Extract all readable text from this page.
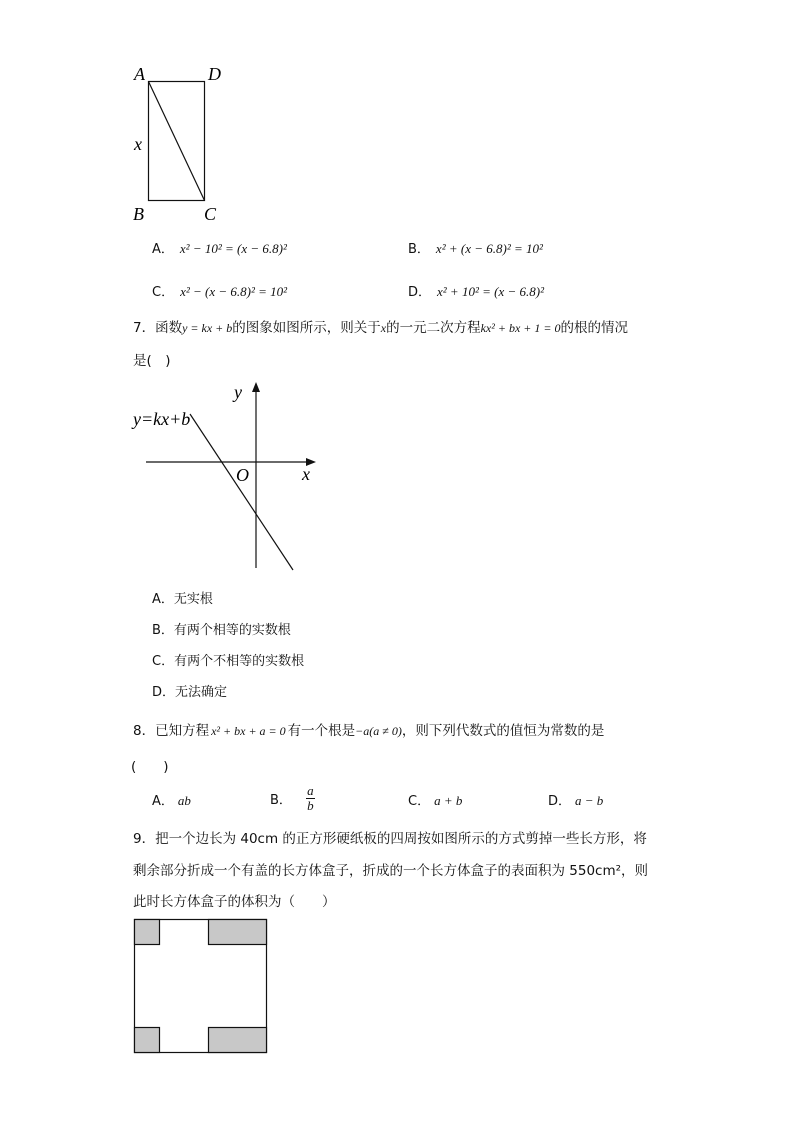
A	D
x
B	C
A． x² − 10² = (x − 6.8)²	B． x² + (x − 6.8)² = 10²
C． x² − (x − 6.8)² = 10²	D． x² + 10² = (x − 6.8)²
7．函数y = kx + b的图象如图所示，则关于x的一元二次方程kx² + bx + 1 = 0的根的情况
是(　)
y
x
O
y=kx+b
A．无实根
B．有两个相等的实数根
C．有两个不相等的实数根
D．无法确定
8．已知方程 x² + bx + a = 0 有一个根是−a(a ≠ 0)，则下列代数式的值恒为常数的是
(　　)
A． ab	B． $\frac{a}{b}$	C． a + b	D． a − b
9．把一个边长为 40cm 的正方形硬纸板的四周按如图所示的方式剪掉一些长方形，将
剩余部分折成一个有盖的长方体盒子，折成的一个长方体盒子的表面积为 550cm²，则
此时长方体盒子的体积为（　　）
